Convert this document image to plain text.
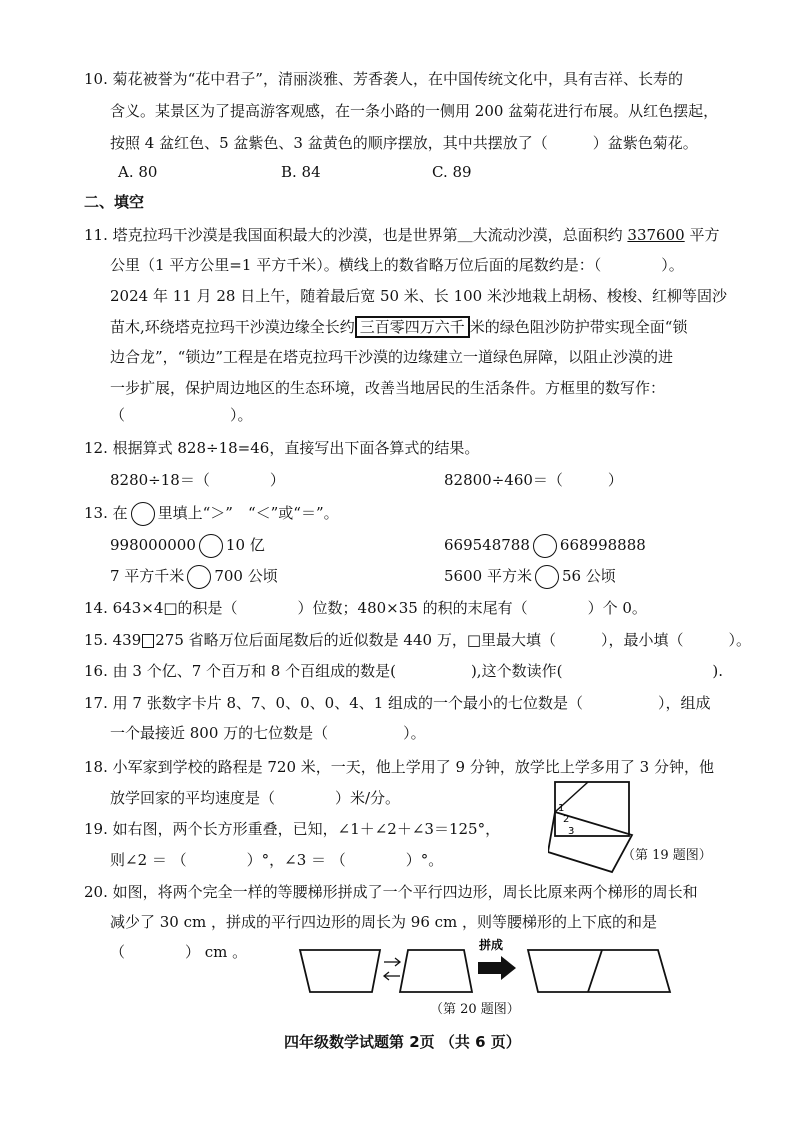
10. 菊花被誉为“花中君子”，清丽淡雅、芳香袭人，在中国传统文化中，具有吉祥、长寿的
含义。某景区为了提高游客观感，在一条小路的一侧用 200 盆菊花进行布展。从红色摆起，
按照 4 盆红色、5 盆紫色、3 盆黄色的顺序摆放，其中共摆放了（　　　）盆紫色菊花。
A. 80	B. 84	C. 89
二、填空
11. 塔克拉玛干沙漠是我国面积最大的沙漠，也是世界第＿大流动沙漠，总面积约 337600 平方
公里（1 平方公里=1 平方千米）。横线上的数省略万位后面的尾数约是：（　　　　）。
2024 年 11 月 28 日上午，随着最后宽 50 米、长 100 米沙地栽上胡杨、梭梭、红柳等固沙
苗木,环绕塔克拉玛干沙漠边缘全长约 三百零四万六千 米的绿色阻沙防护带实现全面“锁
边合龙”，“锁边”工程是在塔克拉玛干沙漠的边缘建立一道绿色屏障，以阻止沙漠的进
一步扩展，保护周边地区的生态环境，改善当地居民的生活条件。方框里的数写作：
（　　　　　　　）。
12. 根据算式 828÷18=46，直接写出下面各算式的结果。
8280÷18＝（　　　　）	82800÷460＝（　　　）
13. 在 里填上“＞”　“＜”或“＝”。
998000000 10 亿	669548788 668998888
7 平方千米 700 公顷	5600 平方米 56 公顷
14. 643×4□的积是（　　　　）位数；480×35 的积的末尾有（　　　　）个 0。
15. 439 275 省略万位后面尾数后的近似数是 440 万，□里最大填（　　　），最小填（　　　）。
16. 由 3 个亿、7 个百万和 8 个百组成的数是(　　　　　),这个数读作(　　　　　　　　　　).
17. 用 7 张数字卡片 8、7、0、0、0、4、1 组成的一个最小的七位数是（　　　　　），组成
一个最接近 800 万的七位数是（　　　　　）。
18. 小军家到学校的路程是 720 米，一天，他上学用了 9 分钟，放学比上学多用了 3 分钟，他
放学回家的平均速度是（　　　　）米/分。
19. 如右图，两个长方形重叠，已知，∠1＋∠2＋∠3＝125°，
则∠2 ＝ （　　　　）°，∠3 ＝ （　　　　）°。
1
2
3
（第 19 题图）
20. 如图，将两个完全一样的等腰梯形拼成了一个平行四边形，周长比原来两个梯形的周长和
减少了 30 cm ，拼成的平行四边形的周长为 96 cm ，则等腰梯形的上下底的和是
（　　　　） cm 。	拼成
（第 20 题图）
四年级数学试题第 2页 （共 6 页）
